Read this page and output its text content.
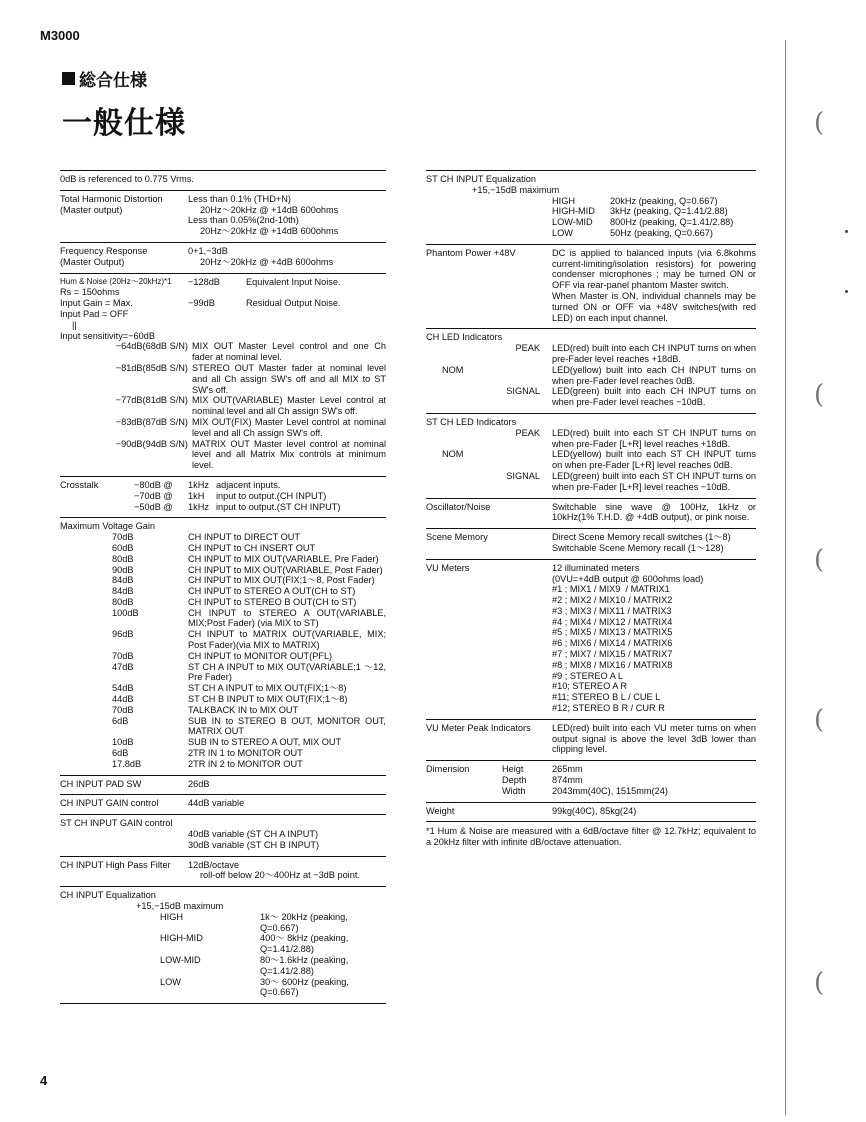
M3000
総合仕様
一般仕様
0dB is referenced to 0.775 Vrms.
Total Harmonic Distortion
(Master output)
Less than 0.1% (THD+N)
20Hz〜20kHz @ +14dB 600ohms
Less than 0.05%(2nd-10th)
20Hz〜20kHz @ +14dB 600ohms
Frequency Response
(Master Output)
0+1,−3dB
20Hz〜20kHz @ +4dB 600ohms
Hum & Noise (20Hz〜20kHz)*1	−128dB	Equivalent Input Noise.
Rs = 150ohms
Input Gain = Max.	−99dB	Residual Output Noise.
Input Pad = OFF
||
Input sensitivity=−60dB
−64dB(68dB S/N) MIX OUT Master Level control and one Ch fader at nominal level.
−81dB(85dB S/N) STEREO OUT Master fader at nominal level and all Ch assign SW's off and all MIX to ST SW's off.
−77dB(81dB S/N) MIX OUT(VARIABLE) Master Level control at nominal level and all Ch assign SW's off.
−83dB(87dB S/N) MIX OUT(FIX) Master Level control at nominal level and all Ch assign SW's off.
−90dB(94dB S/N) MATRIX OUT Master level control at nominal level and all Matrix Mix controls at minimum level.
Crosstalk	−80dB @	1kHz adjacent inputs.
−70dB @	1kH	input to output.(CH INPUT)
−50dB @	1kHz input to output.(ST CH INPUT)
Maximum Voltage Gain
70dB	CH INPUT to DIRECT OUT
60dB	CH INPUT to CH INSERT OUT
80dB	CH INPUT to MIX OUT(VARIABLE, Pre Fader)
90dB	CH INPUT to MIX OUT(VARIABLE, Post Fader)
84dB	CH INPUT to MIX OUT(FIX;1〜8, Post Fader)
84dB	CH INPUT to STEREO A OUT(CH to ST)
80dB	CH INPUT to STEREO B OUT(CH to ST)
100dB	CH INPUT to STEREO A OUT(VARIABLE, MIX;Post Fader) (via MIX to ST)
96dB	CH INPUT to MATRIX OUT(VARIABLE, MIX; Post Fader)(via MIX to MATRIX)
70dB	CH INPUT to MONITOR OUT(PFL)
47dB	ST CH A INPUT to MIX OUT(VARIABLE;1 〜12, Pre Fader)
54dB	ST CH A INPUT to MIX OUT(FIX;1〜8)
44dB	ST CH B INPUT to MIX OUT(FIX;1〜8)
70dB	TALKBACK IN to MIX OUT
6dB	SUB IN to STEREO B OUT, MONITOR OUT, MATRIX OUT
10dB	SUB IN to STEREO A OUT, MIX OUT
6dB	2TR IN 1 to MONITOR OUT
17.8dB	2TR IN 2 to MONITOR OUT
CH INPUT PAD SW	26dB
CH INPUT GAIN control	44dB variable
ST CH INPUT GAIN control
40dB variable (ST CH A INPUT)
30dB variable (ST CH B INPUT)
CH INPUT High Pass Filter	12dB/octave
roll-off below 20〜400Hz at −3dB point.
CH INPUT Equalization
+15,−15dB maximum
HIGH	1k〜 20kHz (peaking, Q=0.667)
HIGH-MID	400〜 8kHz (peaking, Q=1.41/2.88)
LOW-MID	80〜1.6kHz (peaking, Q=1.41/2.88)
LOW	30〜 600Hz (peaking, Q=0.667)
ST CH INPUT Equalization
+15,−15dB maximum
HIGH	20kHz (peaking, Q=0.667)
HIGH-MID	3kHz (peaking, Q=1.41/2.88)
LOW-MID	800Hz (peaking, Q=1.41/2.88)
LOW	50Hz (peaking, Q=0.667)
Phantom Power +48V	DC is applied to balanced inputs (via 6.8kohms current-limiting/isolation resistors) for powering condenser microphones ; may be turned ON or OFF via rear-panel phantom Master switch.
When Master is ON, individual channels may be turned ON or OFF via +48V switches(with red LED) on each input channel.
CH LED Indicators
PEAK	LED(red) built into each CH INPUT turns on when pre-Fader level reaches +18dB.
NOM	LED(yellow) built into each CH INPUT turns on when pre-Fader level reaches 0dB.
SIGNAL	LED(green) built into each CH INPUT turns on when pre-Fader level reaches −10dB.
ST CH LED Indicators
PEAK	LED(red) built into each ST CH INPUT turns on when pre-Fader [L+R] level reaches +18dB.
NOM	LED(yellow) built into each ST CH INPUT turns on when pre-Fader [L+R] level reaches 0dB.
SIGNAL	LED(green) built into each ST CH INPUT turns on when pre-Fader [L+R] level reaches −10dB.
Oscillator/Noise	Switchable sine wave @ 100Hz, 1kHz or 10kHz(1% T.H.D. @ +4dB output), or pink noise.
Scene Memory	Direct Scene Memory recall switches (1〜8)
Switchable Scene Memory recall (1〜128)
VU Meters	12 illuminated meters
(0VU=+4dB output @ 600ohms load)
#1 ; MIX1 / MIX9  / MATRIX1
#2 ; MIX2 / MIX10 / MATRIX2
#3 ; MIX3 / MIX11 / MATRIX3
#4 ; MIX4 / MIX12 / MATRIX4
#5 ; MIX5 / MIX13 / MATRIX5
#6 ; MIX6 / MIX14 / MATRIX6
#7 ; MIX7 / MIX15 / MATRIX7
#8 ; MIX8 / MIX16 / MATRIX8
#9 ; STEREO A L
#10; STEREO A R
#11; STEREO B L / CUE L
#12; STEREO B R / CUR R
VU Meter Peak Indicators	LED(red) built into each VU meter turns on when output signal is above the level 3dB lower than clipping level.
Dimension	Heigt	265mm
Depth	874mm
Width	2043mm(40C), 1515mm(24)
Weight	99kg(40C), 85kg(24)
*1 Hum & Noise are measured with a 6dB/octave filter @ 12.7kHz; equivalent to a 20kHz filter with infinite dB/octave attenuation.
4
(
(
(
(
(
